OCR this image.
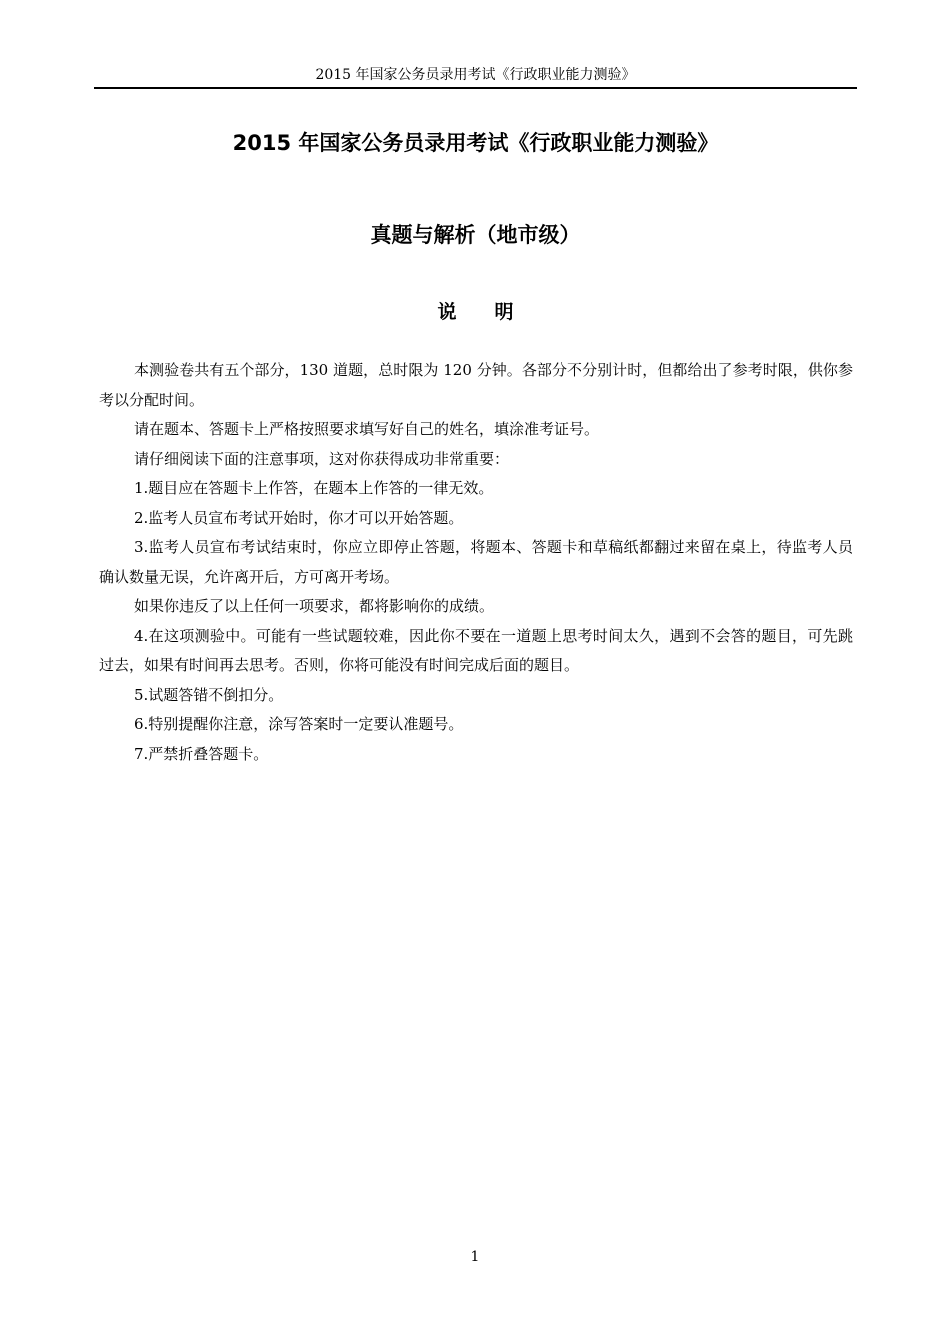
2015 年国家公务员录用考试《行政职业能力测验》
2015 年国家公务员录用考试《行政职业能力测验》
真题与解析（地市级）
说 明

本测验卷共有五个部分，130 道题，总时限为 120 分钟。各部分不分别计时，但都给出了参考时限，供你参考以分配时间。

请在题本、答题卡上严格按照要求填写好自己的姓名，填涂准考证号。

请仔细阅读下面的注意事项，这对你获得成功非常重要：

1.题目应在答题卡上作答，在题本上作答的一律无效。

2.监考人员宣布考试开始时，你才可以开始答题。

3.监考人员宣布考试结束时，你应立即停止答题，将题本、答题卡和草稿纸都翻过来留在桌上，待监考人员确认数量无误，允许离开后，方可离开考场。

如果你违反了以上任何一项要求，都将影响你的成绩。

4.在这项测验中。可能有一些试题较难，因此你不要在一道题上思考时间太久，遇到不会答的题目，可先跳过去，如果有时间再去思考。否则，你将可能没有时间完成后面的题目。

5.试题答错不倒扣分。

6.特别提醒你注意，涂写答案时一定要认准题号。

7.严禁折叠答题卡。

1
